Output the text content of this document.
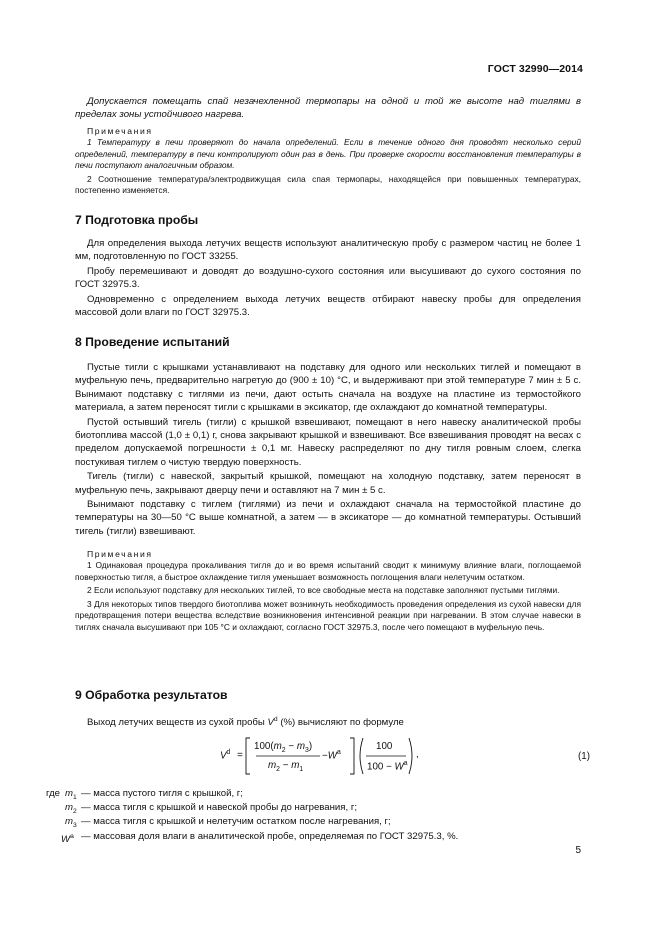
ГОСТ 32990—2014

Допускается помещать спай незачехленной термопары на одной и той же высоте над тиглями в пределах зоны устойчивого нагрева.

Примечания

1 Температуру в печи проверяют до начала определений. Если в течение одного дня проводят несколько серий определений, температуру в печи контролируют один раз в день. При проверке скорости восстановления температуры в печи поступают аналогичным образом.

2 Соотношение температура/электродвижущая сила спая термопары, находящейся при повышенных температурах, постепенно изменяется.

7 Подготовка пробы

Для определения выхода летучих веществ используют аналитическую пробу с размером частиц не более 1 мм, подготовленную по ГОСТ 33255.

Пробу перемешивают и доводят до воздушно-сухого состояния или высушивают до сухого состояния по ГОСТ 32975.3.

Одновременно с определением выхода летучих веществ отбирают навеску пробы для определения массовой доли влаги по ГОСТ 32975.3.

8 Проведение испытаний

Пустые тигли с крышками устанавливают на подставку для одного или нескольких тиглей и помещают в муфельную печь, предварительно нагретую до (900 ± 10) °С, и выдерживают при этой температуре 7 мин ± 5 с. Вынимают подставку с тиглями из печи, дают остыть сначала на воздухе на пластине из термостойкого материала, а затем переносят тигли с крышками в эксикатор, где охлаждают до комнатной температуры.

Пустой остывший тигель (тигли) с крышкой взвешивают, помещают в него навеску аналитической пробы биотоплива массой (1,0 ± 0,1) г, снова закрывают крышкой и взвешивают. Все взвешивания проводят на весах с пределом допускаемой погрешности ± 0,1 мг. Навеску распределяют по дну тигля ровным слоем, слегка постукивая тиглем о чистую твердую поверхность.

Тигель (тигли) с навеской, закрытый крышкой, помещают на холодную подставку, затем переносят в муфельную печь, закрывают дверцу печи и оставляют на 7 мин ± 5 с.

Вынимают подставку с тиглем (тиглями) из печи и охлаждают сначала на термостойкой пластине до температуры на 30—50 °С выше комнатной, а затем — в эксикаторе — до комнатной температуры. Остывший тигель (тигли) взвешивают.

Примечания

1 Одинаковая процедура прокаливания тигля до и во время испытаний сводит к минимуму влияние влаги, поглощаемой поверхностью тигля, а быстрое охлаждение тигля уменьшает возможность поглощения влаги нелетучим остатком.

2 Если используют подставку для нескольких тиглей, то все свободные места на подставке заполняют пустыми тиглями.

3 Для некоторых типов твердого биотоплива может возникнуть необходимость проведения определения из сухой навески для предотвращения потери вещества вследствие возникновения интенсивной реакции при нагревании. В этом случае навески в тиглях сначала высушивают при 105 °С и охлаждают, согласно ГОСТ 32975.3, после чего помещают в муфельную печь.

9 Обработка результатов

Выход летучих веществ из сухой пробы $V^d$ (%) вычисляют по формуле

$V^d$ =
$100(m_2 - m_3)$
$m_2 - m_1$
$-W^a$
100
$100 - W^a$
,	(1)
где $m_1$ — масса пустого тигля с крышкой, г;
$m_2$ — масса тигля с крышкой и навеской пробы до нагревания, г;
$m_3$ — масса тигля с крышкой и нелетучим остатком после нагревания, г;
$W^a$ — массовая доля влаги в аналитической пробе, определяемая по ГОСТ 32975.3, %.
5
